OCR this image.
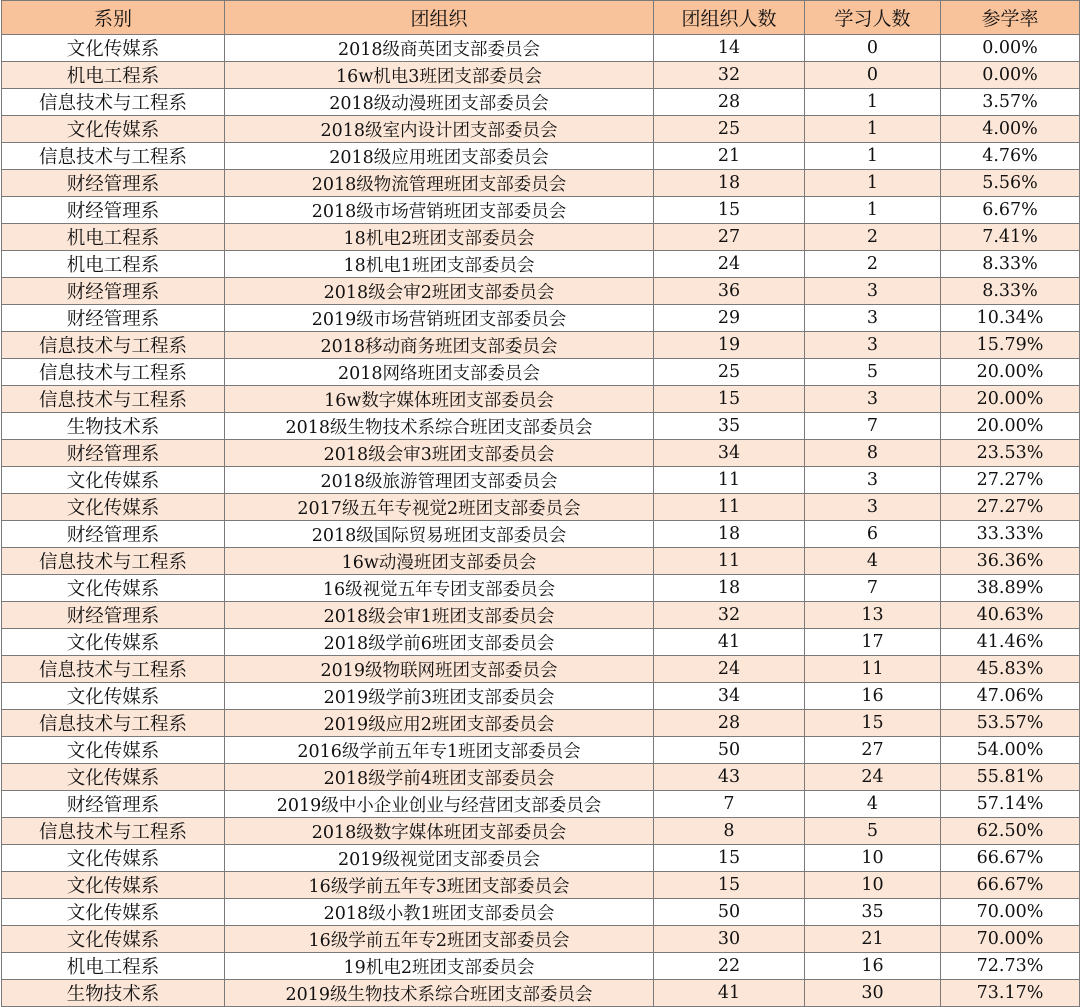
系别	团组织	团组织人数	学习人数	参学率
文化传媒系	2018级商英团支部委员会	14	0	0.00%
机电工程系	16w机电3班团支部委员会	32	0	0.00%
信息技术与工程系	2018级动漫班团支部委员会	28	1	3.57%
文化传媒系	2018级室内设计团支部委员会	25	1	4.00%
信息技术与工程系	2018级应用班团支部委员会	21	1	4.76%
财经管理系	2018级物流管理班团支部委员会	18	1	5.56%
财经管理系	2018级市场营销班团支部委员会	15	1	6.67%
机电工程系	18机电2班团支部委员会	27	2	7.41%
机电工程系	18机电1班团支部委员会	24	2	8.33%
财经管理系	2018级会审2班团支部委员会	36	3	8.33%
财经管理系	2019级市场营销班团支部委员会	29	3	10.34%
信息技术与工程系	2018移动商务班团支部委员会	19	3	15.79%
信息技术与工程系	2018网络班团支部委员会	25	5	20.00%
信息技术与工程系	16w数字媒体班团支部委员会	15	3	20.00%
生物技术系	2018级生物技术系综合班团支部委员会	35	7	20.00%
财经管理系	2018级会审3班团支部委员会	34	8	23.53%
文化传媒系	2018级旅游管理团支部委员会	11	3	27.27%
文化传媒系	2017级五年专视觉2班团支部委员会	11	3	27.27%
财经管理系	2018级国际贸易班团支部委员会	18	6	33.33%
信息技术与工程系	16w动漫班团支部委员会	11	4	36.36%
文化传媒系	16级视觉五年专团支部委员会	18	7	38.89%
财经管理系	2018级会审1班团支部委员会	32	13	40.63%
文化传媒系	2018级学前6班团支部委员会	41	17	41.46%
信息技术与工程系	2019级物联网班团支部委员会	24	11	45.83%
文化传媒系	2019级学前3班团支部委员会	34	16	47.06%
信息技术与工程系	2019级应用2班团支部委员会	28	15	53.57%
文化传媒系	2016级学前五年专1班团支部委员会	50	27	54.00%
文化传媒系	2018级学前4班团支部委员会	43	24	55.81%
财经管理系	2019级中小企业创业与经营团支部委员会	7	4	57.14%
信息技术与工程系	2018级数字媒体班团支部委员会	8	5	62.50%
文化传媒系	2019级视觉团支部委员会	15	10	66.67%
文化传媒系	16级学前五年专3班团支部委员会	15	10	66.67%
文化传媒系	2018级小教1班团支部委员会	50	35	70.00%
文化传媒系	16级学前五年专2班团支部委员会	30	21	70.00%
机电工程系	19机电2班团支部委员会	22	16	72.73%
生物技术系	2019级生物技术系综合班团支部委员会	41	30	73.17%
